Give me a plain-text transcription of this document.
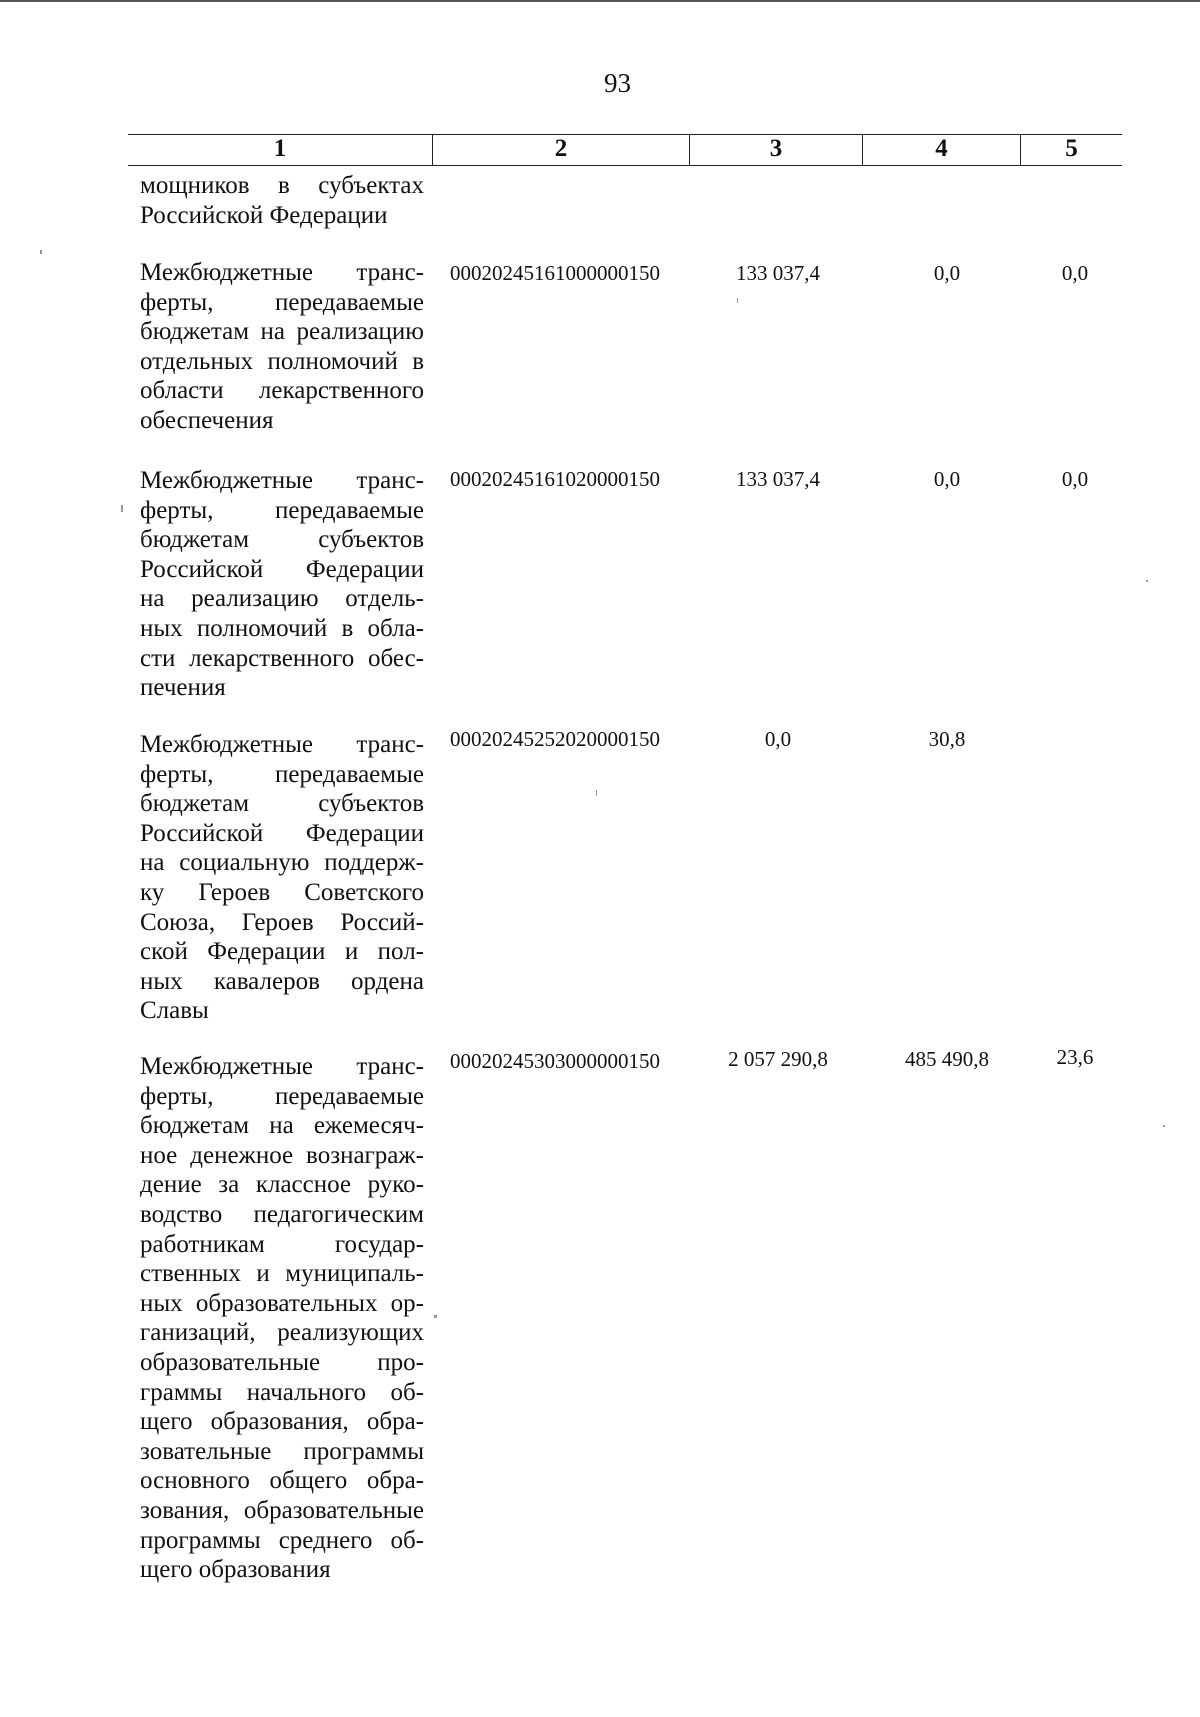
93
1	2	3	4	5
мощников в субъектах
Российской Федерации
Межбюджетные транс-
ферты, передаваемые
бюджетам на реализацию
отдельных полномочий в
области лекарственного
обеспечения
00020245161000000150	133 037,4	0,0	0,0
Межбюджетные транс-
ферты, передаваемые
бюджетам субъектов
Российской Федерации
на реализацию отдель-
ных полномочий в обла-
сти лекарственного обес-
печения
00020245161020000150	133 037,4	0,0	0,0
Межбюджетные транс-
ферты, передаваемые
бюджетам субъектов
Российской Федерации
на социальную поддерж-
ку Героев Советского
Союза, Героев Россий-
ской Федерации и пол-
ных кавалеров ордена
Славы
00020245252020000150	0,0	30,8
Межбюджетные транс-
ферты, передаваемые
бюджетам на ежемесяч-
ное денежное вознаграж-
дение за классное руко-
водство педагогическим
работникам государ-
ственных и муниципаль-
ных образовательных ор-
ганизаций, реализующих
образовательные про-
граммы начального об-
щего образования, обра-
зовательные программы
основного общего обра-
зования, образовательные
программы среднего об-
щего образования
00020245303000000150	2 057 290,8	485 490,8	23,6
